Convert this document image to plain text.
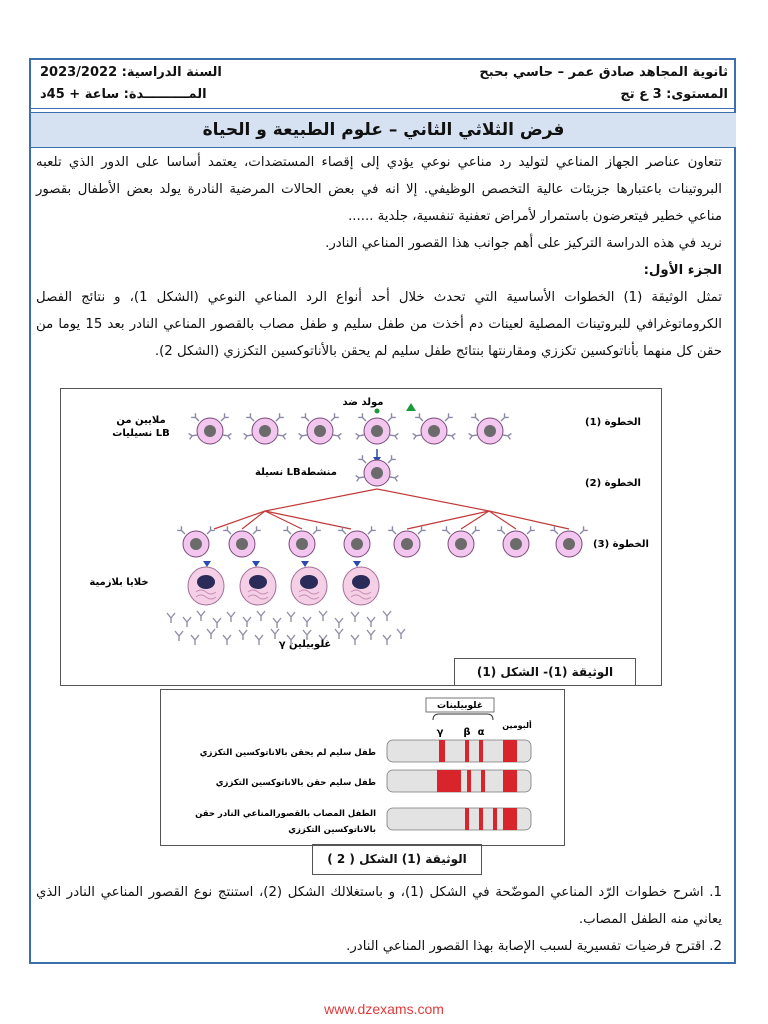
ثانوية المجاهد صادق عمر – حاسي بحبح
المستوى: 3 ع تج
السنة الدراسية: 2023/2022
المــــــــــدة: ساعة + 45د
فرض الثلاثي الثاني – علوم الطبيعة و الحياة

تتعاون عناصر الجهاز المناعي لتوليد رد مناعي نوعي يؤدي إلى إقصاء المستضدات، يعتمد أساسا على الدور الذي تلعبه البروتينات باعتبارها جزيئات عالية التخصص الوظيفي. إلا انه في بعض الحالات المرضية النادرة يولد بعض الأطفال بقصور مناعي خطير فيتعرضون باستمرار لأمراض تعفنية تنفسية، جلدية ......

نريد في هذه الدراسة التركيز على أهم جوانب هذا القصور المناعي النادر.

الجزء الأول:

تمثل الوثيقة (1) الخطوات الأساسية التي تحدث خلال أحد أنواع الرد المناعي النوعي (الشكل 1)، و نتائج الفصل الكروماتوغرافي للبروتينات المصلية لعينات دم أخذت من طفل سليم و طفل مصاب بالقصور المناعي النادر بعد 15 يوما من حقن كل منهما بأناتوكسين تكززي ومقارنتها بنتائج طفل سليم لم يحقن بالأناتوكسين التكززي (الشكل 2).

مولد ضد
ملايين من
نسيليات LB
الخطوة (1)
نسيلة LBمنشطة
الخطوة (2)
الخطوة (3)
خلايا بلازمية
γ غلوبيلين
الوثيقة (1)- الشكل (1)
غلوبيلينات
ألبومين
γ β α
طفل سليم لم يحقن بالاناتوكسين التكززي
طفل سليم حقن بالاناتوكسين التكززي
الطفل المصاب بالقصورالمناعي النادر حقن
بالاناتوكسين التكززي
الوثيقة (1) الشكل ( 2 )

1. اشرح خطوات الرّد المناعي الموضّحة في الشكل (1)، و باستغلالك الشكل (2)، استنتج نوع القصور المناعي النادر الذي يعاني منه الطفل المصاب.

2. اقترح فرضيات تفسيرية لسبب الإصابة بهذا القصور المناعي النادر.

www.dzexams.com
